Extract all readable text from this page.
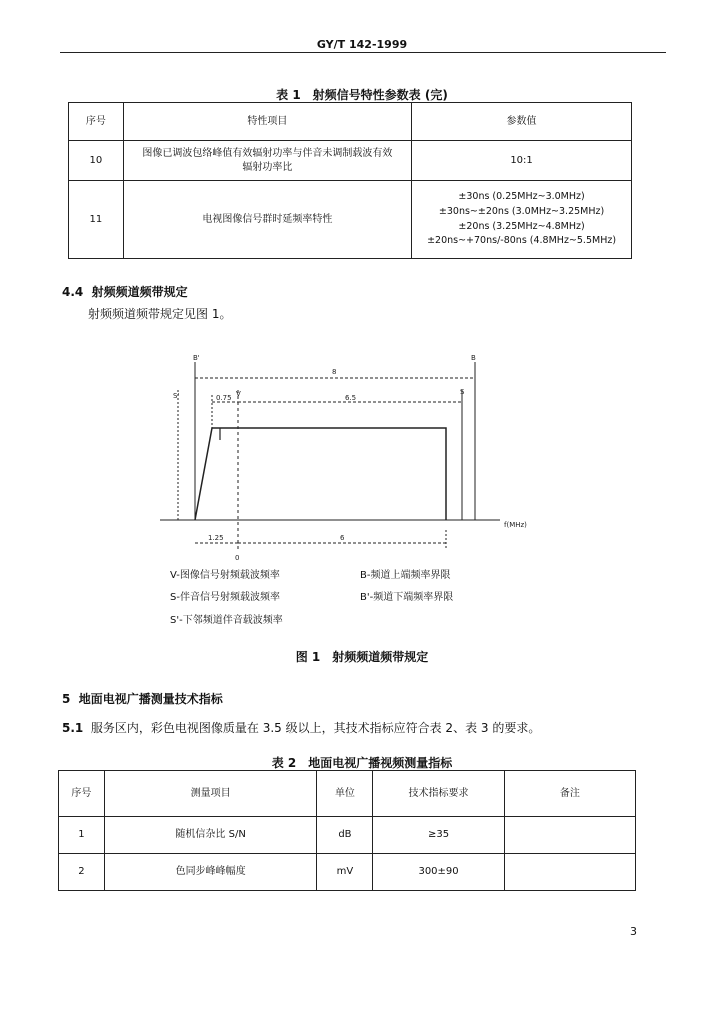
GY/T 142-1999
表 1　射频信号特性参数表 (完)
序号	特性项目	参数值
10	图像已调波包络峰值有效辐射功率与伴音未调制载波有效辐射功率比	10:1
11	电视图像信号群时延频率特性	±30ns (0.25MHz~3.0MHz)
±30ns~±20ns (3.0MHz~3.25MHz)
±20ns (3.25MHz~4.8MHz)
±20ns~+70ns/-80ns (4.8MHz~5.5MHz)
4.4 射频频道频带规定
射频频道频带规定见图 1。
B'	B
8
S'	V	S
0.75	6.5
f(MHz)
1.25	6
0
V-图像信号射频载波频率	B-频道上端频率界限
S-伴音信号射频载波频率	B'-频道下端频率界限
S'-下邻频道伴音载波频率
图 1　射频频道频带规定
5 地面电视广播测量技术指标
5.1 服务区内，彩色电视图像质量在 3.5 级以上，其技术指标应符合表 2、表 3 的要求。
表 2　地面电视广播视频测量指标
序号	测量项目	单位	技术指标要求	备注
1	随机信杂比 S/N	dB	≥35	
2	色同步峰峰幅度	mV	300±90	
3
